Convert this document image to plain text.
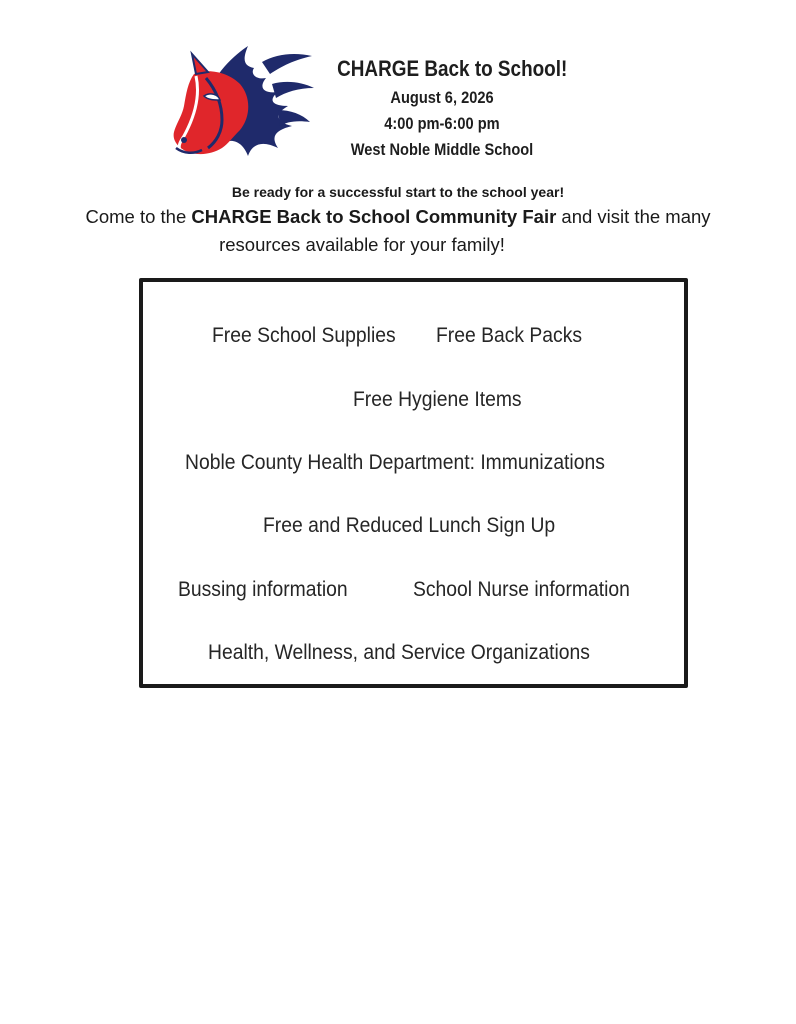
CHARGE Back to School!
August 6, 2026
4:00 pm-6:00 pm
West Noble Middle School
Be ready for a successful start to the school year!
Come to the CHARGE Back to School Community Fair and visit the many
resources available for your family!
Free School Supplies Free Back Packs
Free Hygiene Items
Noble County Health Department: Immunizations
Free and Reduced Lunch Sign Up
Bussing information	School Nurse information
Health, Wellness, and Service Organizations
